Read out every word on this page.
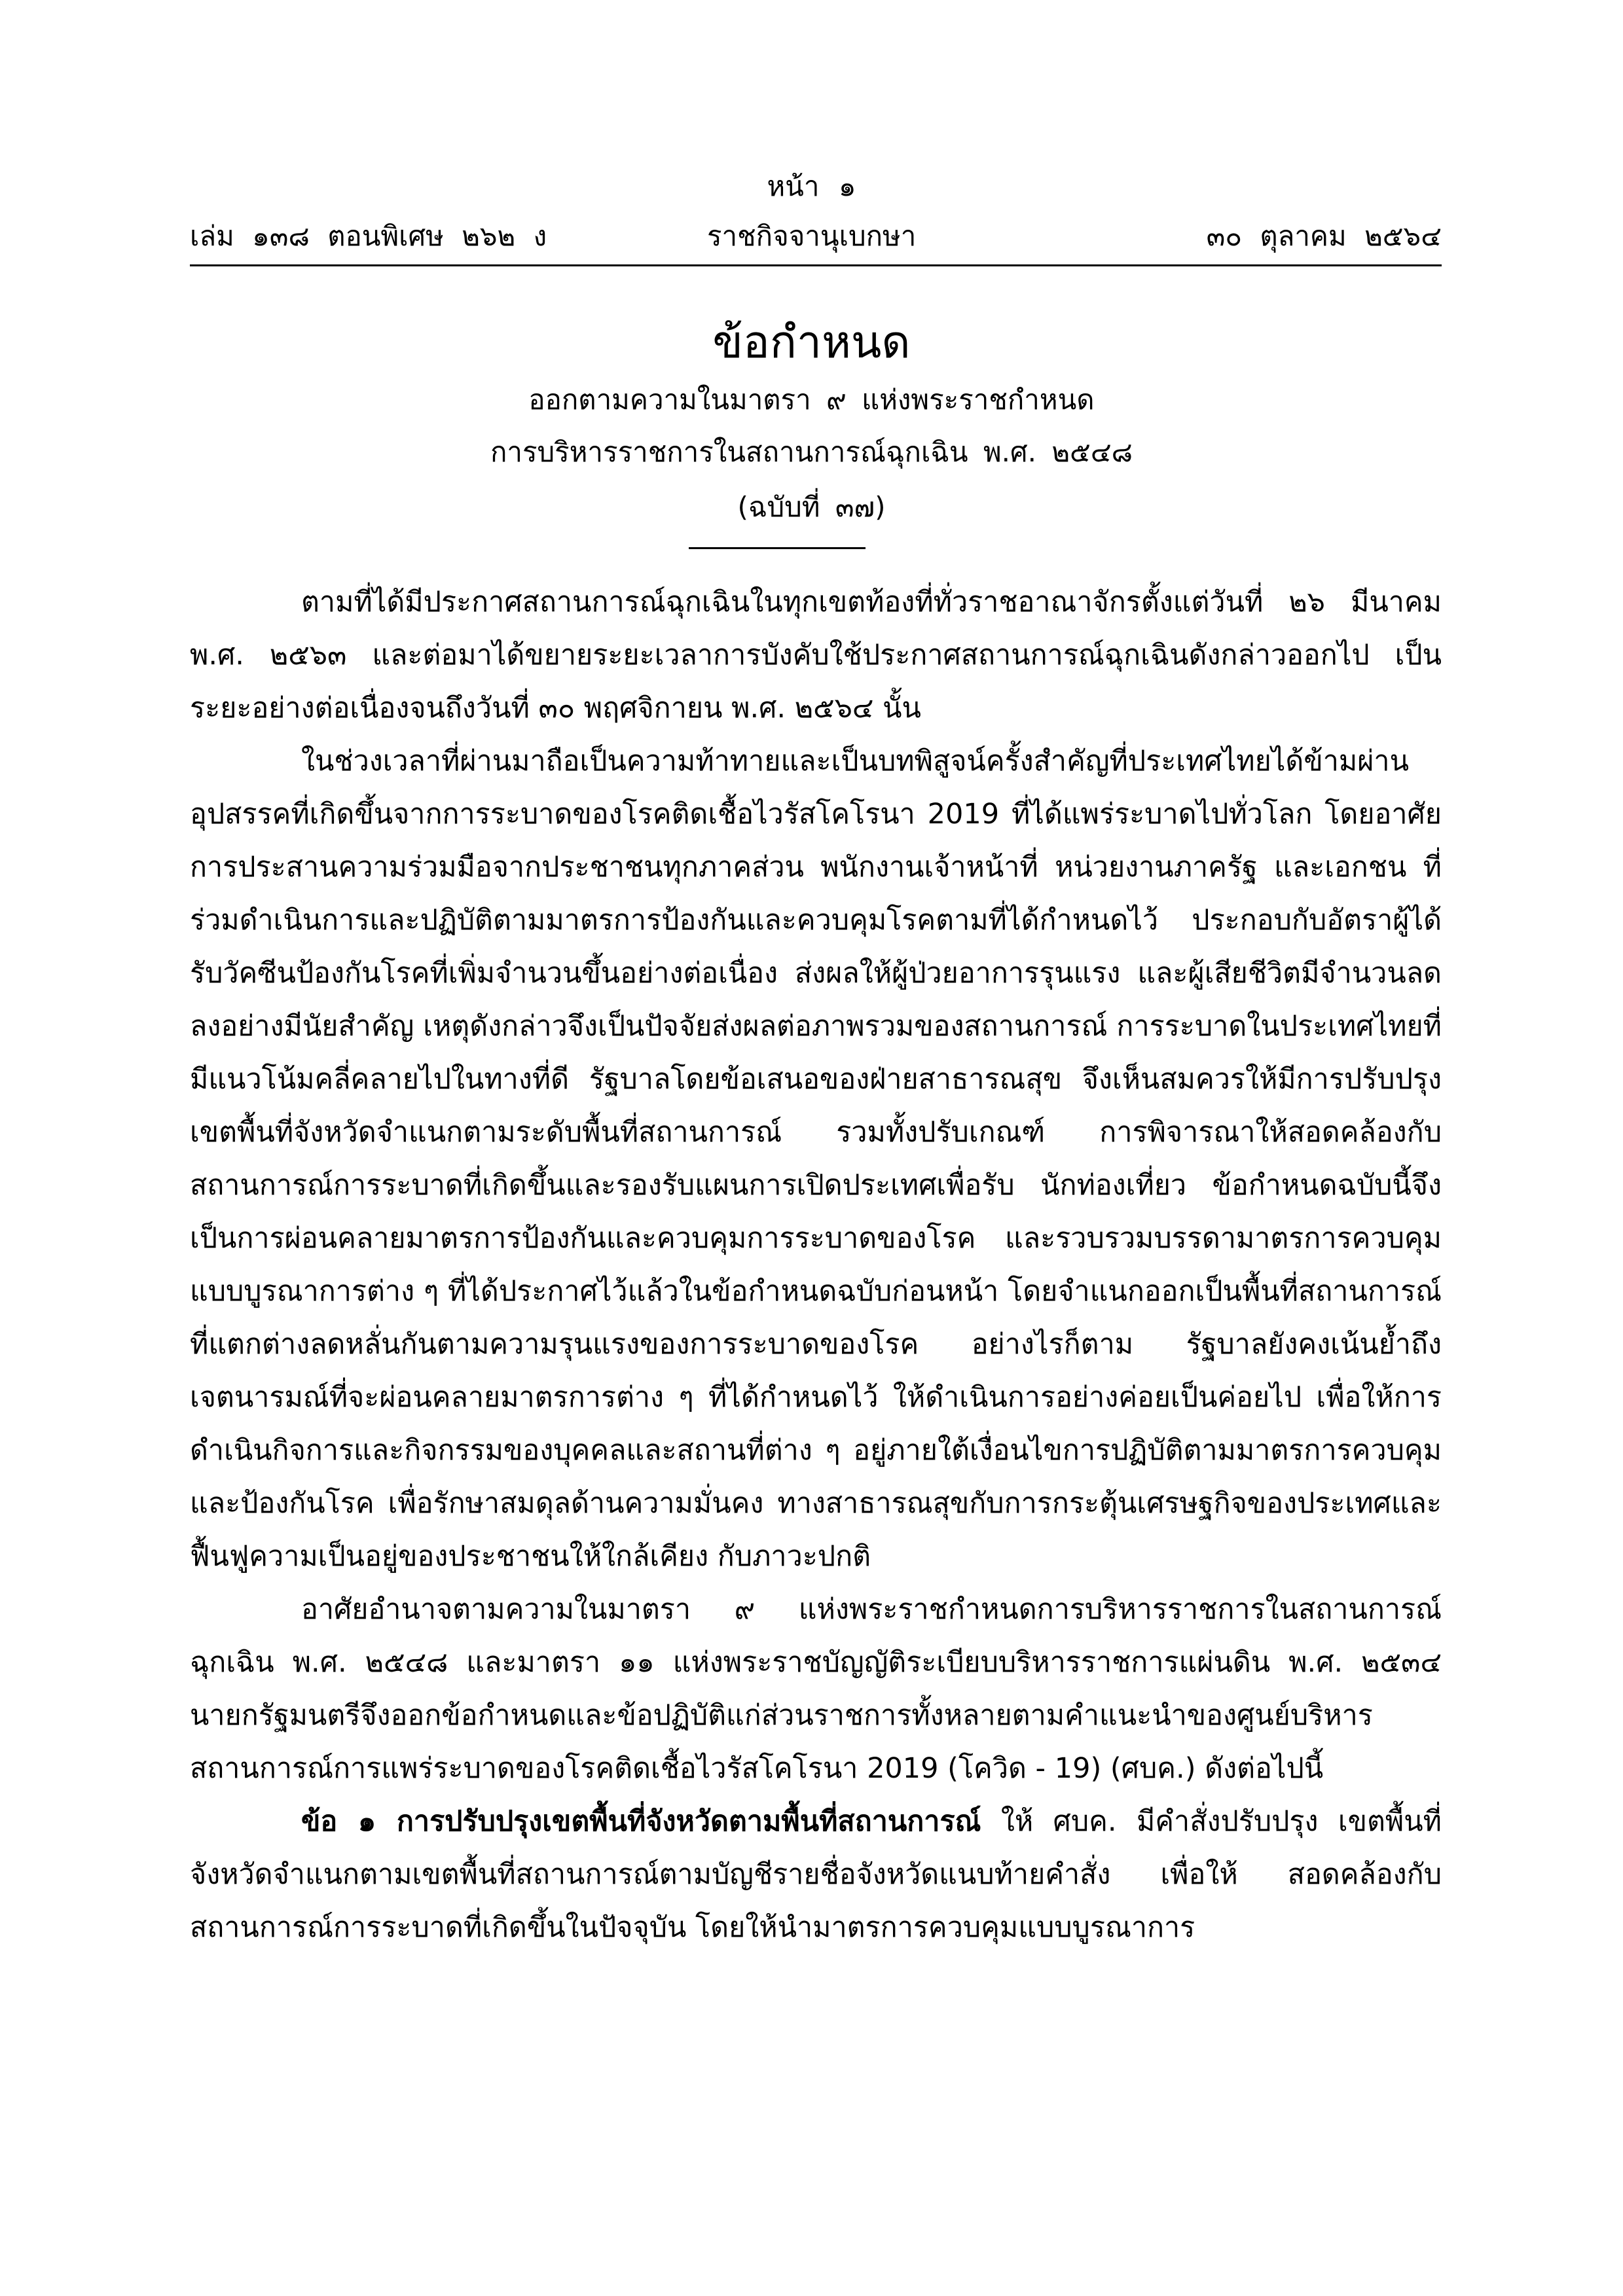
หน้า ๑
เล่ม ๑๓๘ ตอนพิเศษ ๒๖๒ ง	ราชกิจจานุเบกษา	๓๐ ตุลาคม ๒๕๖๔
ข้อกำหนด
ออกตามความในมาตรา ๙ แห่งพระราชกำหนด
การบริหารราชการในสถานการณ์ฉุกเฉิน พ.ศ. ๒๕๔๘
(ฉบับที่ ๓๗)

ตามที่ได้มีประกาศสถานการณ์ฉุกเฉินในทุกเขตท้องที่ทั่วราชอาณาจักรตั้งแต่วันที่ ๒๖ มีนาคม พ.ศ. ๒๕๖๓ และต่อมาได้ขยายระยะเวลาการบังคับใช้ประกาศสถานการณ์ฉุกเฉินดังกล่าวออกไป เป็นระยะอย่างต่อเนื่องจนถึงวันที่ ๓๐ พฤศจิกายน พ.ศ. ๒๕๖๔ นั้น

ในช่วงเวลาที่ผ่านมาถือเป็นความท้าทายและเป็นบทพิสูจน์ครั้งสำคัญที่ประเทศไทยได้ข้ามผ่าน อุปสรรคที่เกิดขึ้นจากการระบาดของโรคติดเชื้อไวรัสโคโรนา 2019 ที่ได้แพร่ระบาดไปทั่วโลก โดยอาศัยการประสานความร่วมมือจากประชาชนทุกภาคส่วน พนักงานเจ้าหน้าที่ หน่วยงานภาครัฐ และเอกชน ที่ร่วมดำเนินการและปฏิบัติตามมาตรการป้องกันและควบคุมโรคตามที่ได้กำหนดไว้ ประกอบกับอัตราผู้ได้รับวัคซีนป้องกันโรคที่เพิ่มจำนวนขึ้นอย่างต่อเนื่อง ส่งผลให้ผู้ป่วยอาการรุนแรง และผู้เสียชีวิตมีจำนวนลดลงอย่างมีนัยสำคัญ เหตุดังกล่าวจึงเป็นปัจจัยส่งผลต่อภาพรวมของสถานการณ์ การระบาดในประเทศไทยที่มีแนวโน้มคลี่คลายไปในทางที่ดี รัฐบาลโดยข้อเสนอของฝ่ายสาธารณสุข จึงเห็นสมควรให้มีการปรับปรุงเขตพื้นที่จังหวัดจำแนกตามระดับพื้นที่สถานการณ์ รวมทั้งปรับเกณฑ์ การพิจารณาให้สอดคล้องกับสถานการณ์การระบาดที่เกิดขึ้นและรองรับแผนการเปิดประเทศเพื่อรับ นักท่องเที่ยว ข้อกำหนดฉบับนี้จึงเป็นการผ่อนคลายมาตรการป้องกันและควบคุมการระบาดของโรค และรวบรวมบรรดามาตรการควบคุมแบบบูรณาการต่าง ๆ ที่ได้ประกาศไว้แล้วในข้อกำหนดฉบับก่อนหน้า โดยจำแนกออกเป็นพื้นที่สถานการณ์ที่แตกต่างลดหลั่นกันตามความรุนแรงของการระบาดของโรค อย่างไรก็ตาม รัฐบาลยังคงเน้นย้ำถึงเจตนารมณ์ที่จะผ่อนคลายมาตรการต่าง ๆ ที่ได้กำหนดไว้ ให้ดำเนินการอย่างค่อยเป็นค่อยไป เพื่อให้การดำเนินกิจการและกิจกรรมของบุคคลและสถานที่ต่าง ๆ อยู่ภายใต้เงื่อนไขการปฏิบัติตามมาตรการควบคุมและป้องกันโรค เพื่อรักษาสมดุลด้านความมั่นคง ทางสาธารณสุขกับการกระตุ้นเศรษฐกิจของประเทศและฟื้นฟูความเป็นอยู่ของประชาชนให้ใกล้เคียง กับภาวะปกติ

อาศัยอำนาจตามความในมาตรา ๙ แห่งพระราชกำหนดการบริหารราชการในสถานการณ์ฉุกเฉิน พ.ศ. ๒๕๔๘ และมาตรา ๑๑ แห่งพระราชบัญญัติระเบียบบริหารราชการแผ่นดิน พ.ศ. ๒๕๓๔ นายกรัฐมนตรีจึงออกข้อกำหนดและข้อปฏิบัติแก่ส่วนราชการทั้งหลายตามคำแนะนำของศูนย์บริหาร สถานการณ์การแพร่ระบาดของโรคติดเชื้อไวรัสโคโรนา 2019 (โควิด - 19) (ศบค.) ดังต่อไปนี้

ข้อ ๑ การปรับปรุงเขตพื้นที่จังหวัดตามพื้นที่สถานการณ์ ให้ ศบค. มีคำสั่งปรับปรุง เขตพื้นที่จังหวัดจำแนกตามเขตพื้นที่สถานการณ์ตามบัญชีรายชื่อจังหวัดแนบท้ายคำสั่ง เพื่อให้ สอดคล้องกับสถานการณ์การระบาดที่เกิดขึ้นในปัจจุบัน โดยให้นำมาตรการควบคุมแบบบูรณาการ
